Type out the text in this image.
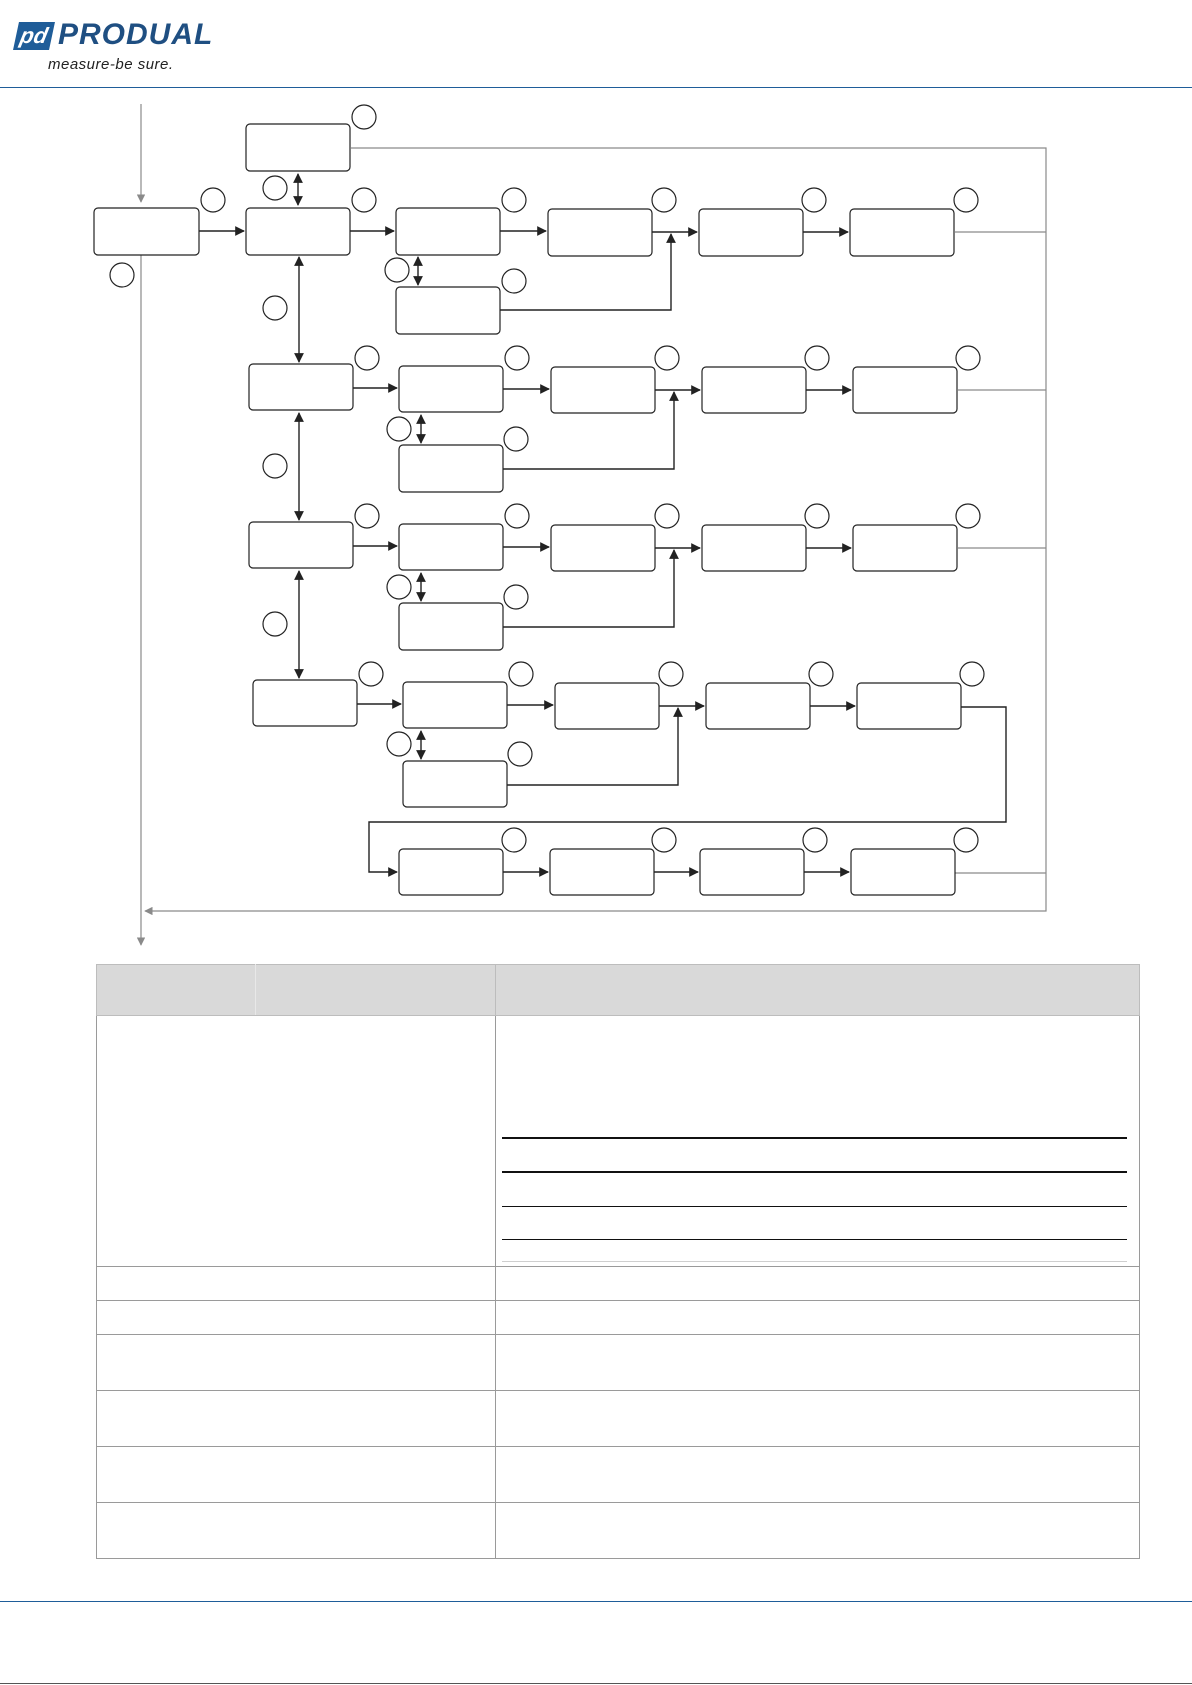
pd PRODUAL
measure-be sure.
